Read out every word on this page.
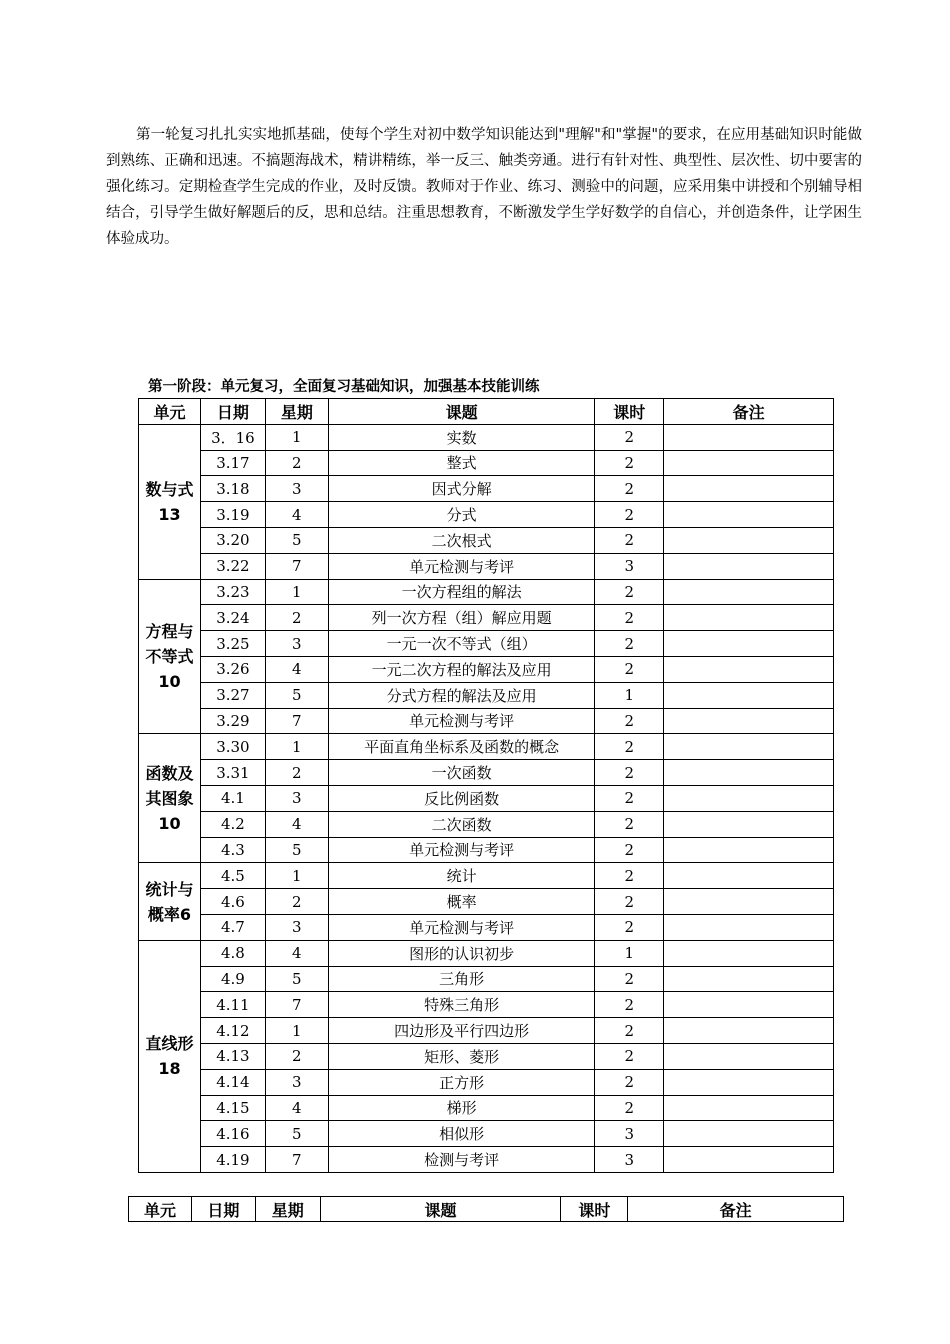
第一轮复习扎扎实实地抓基础，使每个学生对初中数学知识能达到"理解"和"掌握"的要求，在应用基础知识时能做到熟练、正确和迅速。不搞题海战术，精讲精练，举一反三、触类旁通。进行有针对性、典型性、层次性、切中要害的强化练习。定期检查学生完成的作业，及时反馈。教师对于作业、练习、测验中的问题，应采用集中讲授和个别辅导相结合，引导学生做好解题后的反，思和总结。注重思想教育，不断激发学生学好数学的自信心，并创造条件，让学困生体验成功。

第一阶段：单元复习，全面复习基础知识，加强基本技能训练
单元	日期	星期	课题	课时	备注
数与式13	3．16	1	实数	2	
	3.17	2	整式	2	
	3.18	3	因式分解	2	
	3.19	4	分式	2	
	3.20	5	二次根式	2	
	3.22	7	单元检测与考评	3	
方程与不等式10	3.23	1	一次方程组的解法	2	
	3.24	2	列一次方程（组）解应用题	2	
	3.25	3	一元一次不等式（组）	2	
	3.26	4	一元二次方程的解法及应用	2	
	3.27	5	分式方程的解法及应用	1	
	3.29	7	单元检测与考评	2	
函数及其图象10	3.30	1	平面直角坐标系及函数的概念	2	
	3.31	2	一次函数	2	
	4.1	3	反比例函数	2	
	4.2	4	二次函数	2	
	4.3	5	单元检测与考评	2	
统计与概率6	4.5	1	统计	2	
	4.6	2	概率	2	
	4.7	3	单元检测与考评	2	
直线形18	4.8	4	图形的认识初步	1	
	4.9	5	三角形	2	
	4.11	7	特殊三角形	2	
	4.12	1	四边形及平行四边形	2	
	4.13	2	矩形、菱形	2	
	4.14	3	正方形	2	
	4.15	4	梯形	2	
	4.16	5	相似形	3	
	4.19	7	检测与考评	3	
单元	日期	星期	课题	课时	备注
